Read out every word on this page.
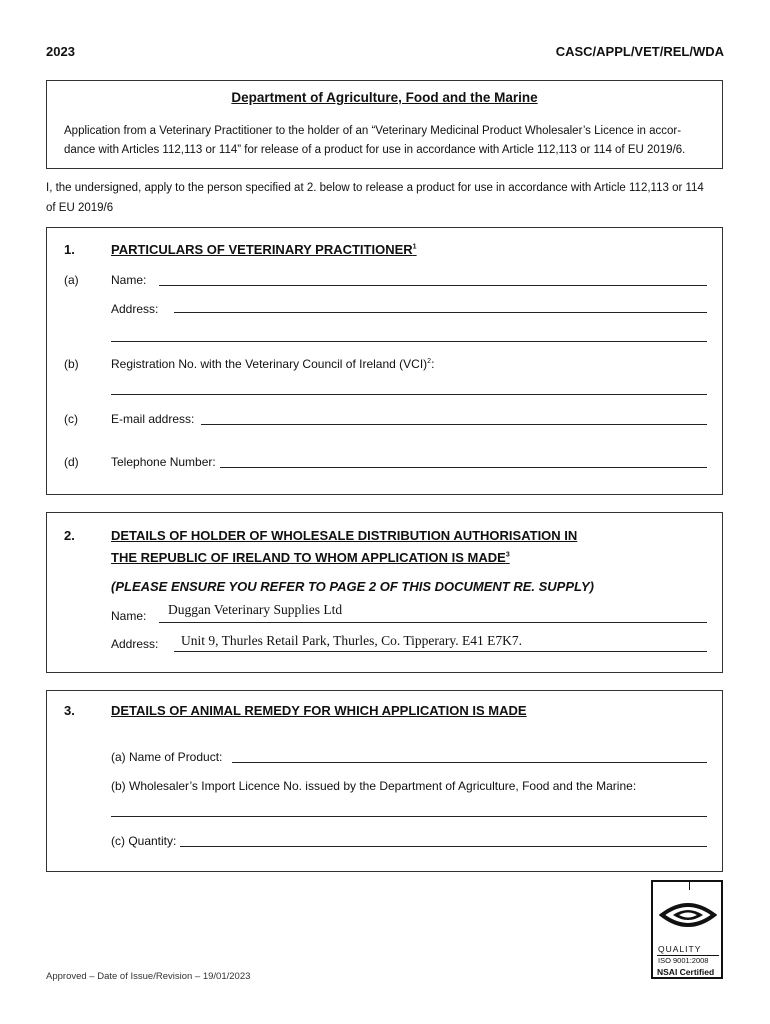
2023	CASC/APPL/VET/REL/WDA
Department of Agriculture, Food and the Marine
Application from a Veterinary Practitioner to the holder of an “Veterinary Medicinal Product Wholesaler’s Licence in accor-
dance with Articles 112,113 or 114” for release of a product for use in accordance with Article 112,113 or 114 of EU 2019/6.
I, the undersigned, apply to the person specified at 2. below to release a product for use in accordance with Article 112,113 or 114
of EU 2019/6
1.	PARTICULARS OF VETERINARY PRACTITIONER$^1$
(a)	Name:
Address:
(b)	Registration No. with the Veterinary Council of Ireland (VCI)$^2$:
(c)	E-mail address:
(d)	Telephone Number:
2.	DETAILS OF HOLDER OF WHOLESALE DISTRIBUTION AUTHORISATION IN
THE REPUBLIC OF IRELAND TO WHOM APPLICATION IS MADE$^3$
(PLEASE ENSURE YOU REFER TO PAGE 2 OF THIS DOCUMENT RE. SUPPLY)
Name: Duggan Veterinary Supplies Ltd
Address: Unit 9, Thurles Retail Park, Thurles, Co. Tipperary. E41 E7K7.
3.	DETAILS OF ANIMAL REMEDY FOR WHICH APPLICATION IS MADE
(a) Name of Product:
(b) Wholesaler’s Import Licence No. issued by the Department of Agriculture, Food and the Marine:
(c) Quantity:
Approved – Date of Issue/Revision – 19/01/2023
QUALITY
ISO 9001:2008
NSAI Certified
